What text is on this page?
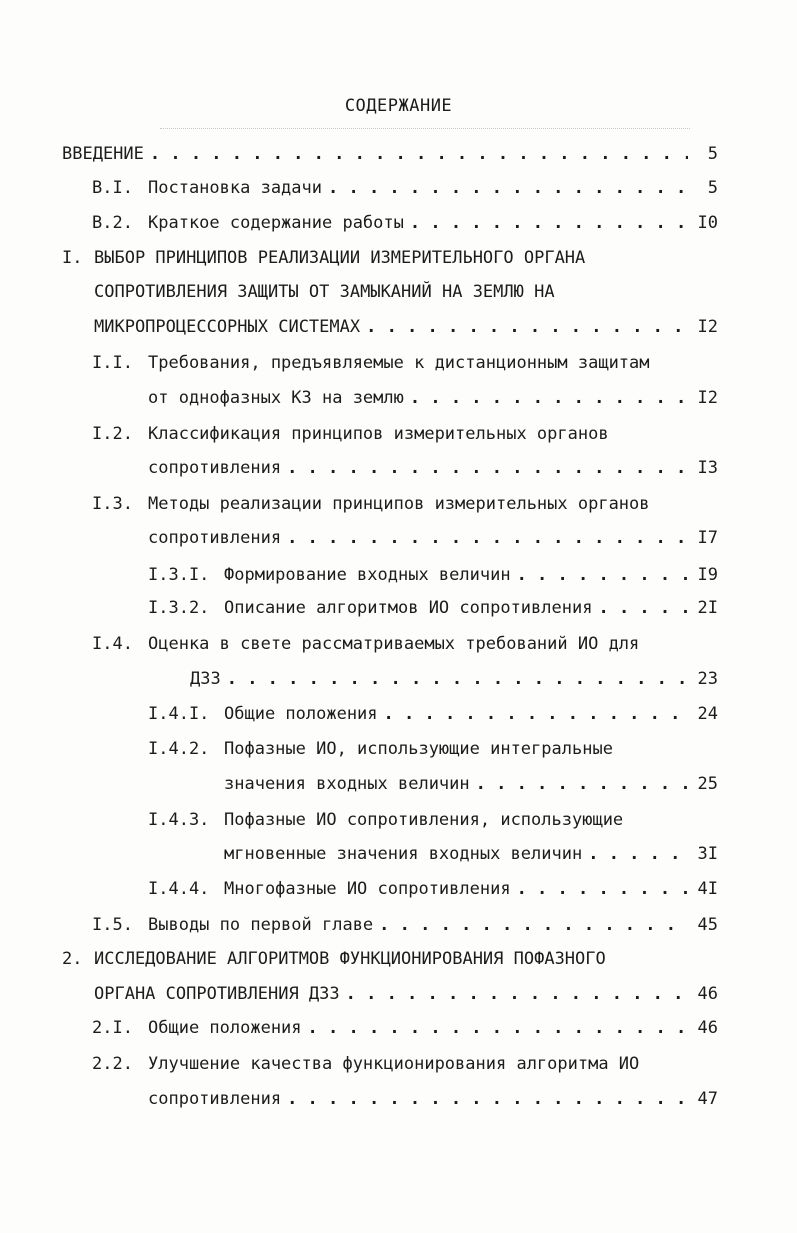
СОДЕРЖАНИЕ
ВВЕДЕНИЕ . . .	5
В.I. Постановка задачи . . .	5
В.2. Краткое содержание работы . . .	I0
I. ВЫБОР ПРИНЦИПОВ РЕАЛИЗАЦИИ ИЗМЕРИТЕЛЬНОГО ОРГАНА
СОПРОТИВЛЕНИЯ ЗАЩИТЫ ОТ ЗАМЫКАНИЙ НА ЗЕМЛЮ НА
МИКРОПРОЦЕССОРНЫХ СИСТЕМАХ . . .	I2
I.I. Требования, предъявляемые к дистанционным защитам
от однофазных КЗ на землю . . .	I2
I.2. Классификация принципов измерительных органов
сопротивления . . .	I3
I.3. Методы реализации принципов измерительных органов
сопротивления . . .	I7
I.3.I. Формирование входных величин . . .	I9
I.3.2. Описание алгоритмов ИО сопротивления . . .	2I
I.4. Оценка в свете рассматриваемых требований ИО для
ДЗЗ . . .	23
I.4.I. Общие положения . . .	24
I.4.2. Пофазные ИО, использующие интегральные
значения входных величин . . .	25
I.4.3. Пофазные ИО сопротивления, использующие
мгновенные значения входных величин . . .	3I
I.4.4. Многофазные ИО сопротивления . . .	4I
I.5. Выводы по первой главе . . .	45
2. ИССЛЕДОВАНИЕ АЛГОРИТМОВ ФУНКЦИОНИРОВАНИЯ ПОФАЗНОГО
ОРГАНА СОПРОТИВЛЕНИЯ ДЗЗ . . .	46
2.I. Общие положения . . .	46
2.2. Улучшение качества функционирования алгоритма ИО
сопротивления . . .	47
